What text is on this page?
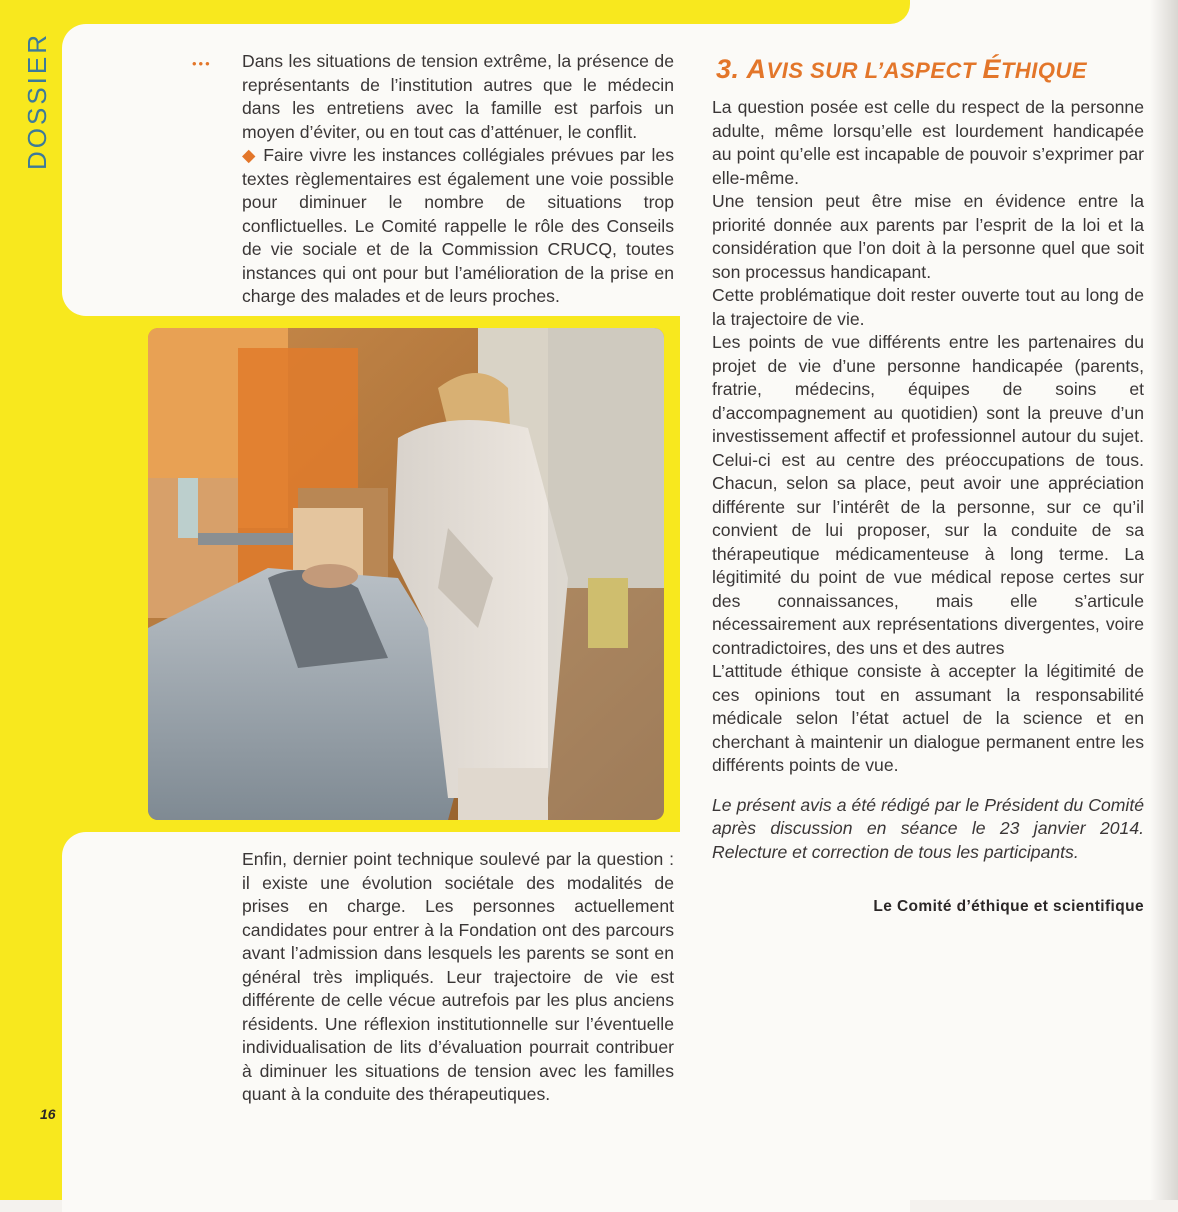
DOSSIER	••• Dans les situations de tension extrême, la présence de représentants de l’institution autres que le médecin dans les entretiens avec la famille est parfois un moyen d’éviter, ou en tout cas d’atténuer, le conflit.

◆ Faire vivre les instances collégiales prévues par les textes règlementaires est également une voie possible pour diminuer le nombre de situations trop conflictuelles. Le Comité rappelle le rôle des Conseils de vie sociale et de la Commission CRUCQ, toutes instances qui ont pour but l’amélioration de la prise en charge des malades et de leurs proches.

Enfin, dernier point technique soulevé par la question : il existe une évolution sociétale des modalités de prises en charge. Les personnes actuellement candidates pour entrer à la Fondation ont des parcours avant l’admission dans lesquels les parents se sont en général très impliqués. Leur trajectoire de vie est différente de celle vécue autrefois par les plus anciens résidents. Une réflexion institutionnelle sur l’éventuelle individualisation de lits d’évaluation pourrait contribuer à diminuer les situations de tension avec les familles quant à la conduite des thérapeutiques.

3. AVIS SUR L’ASPECT ÉTHIQUE

La question posée est celle du respect de la personne adulte, même lorsqu’elle est lourdement handicapée au point qu’elle est incapable de pouvoir s’exprimer par elle-même.

Une tension peut être mise en évidence entre la priorité donnée aux parents par l’esprit de la loi et la considération que l’on doit à la personne quel que soit son processus handicapant.

Cette problématique doit rester ouverte tout au long de la trajectoire de vie.

Les points de vue différents entre les partenaires du projet de vie d’une personne handicapée (parents, fratrie, médecins, équipes de soins et d’accompagnement au quotidien) sont la preuve d’un investissement affectif et professionnel autour du sujet. Celui-ci est au centre des préoccupations de tous. Chacun, selon sa place, peut avoir une appréciation différente sur l’intérêt de la personne, sur ce qu’il convient de lui proposer, sur la conduite de sa thérapeutique médicamenteuse à long terme. La légitimité du point de vue médical repose certes sur des connaissances, mais elle s’articule nécessairement aux représentations divergentes, voire contradictoires, des uns et des autres

L’attitude éthique consiste à accepter la légitimité de ces opinions tout en assumant la responsabilité médicale selon l’état actuel de la science et en cherchant à maintenir un dialogue permanent entre les différents points de vue.

Le présent avis a été rédigé par le Président du Comité après discussion en séance le 23 janvier 2014. Relecture et correction de tous les participants.

Le Comité d’éthique et scientifique
16
